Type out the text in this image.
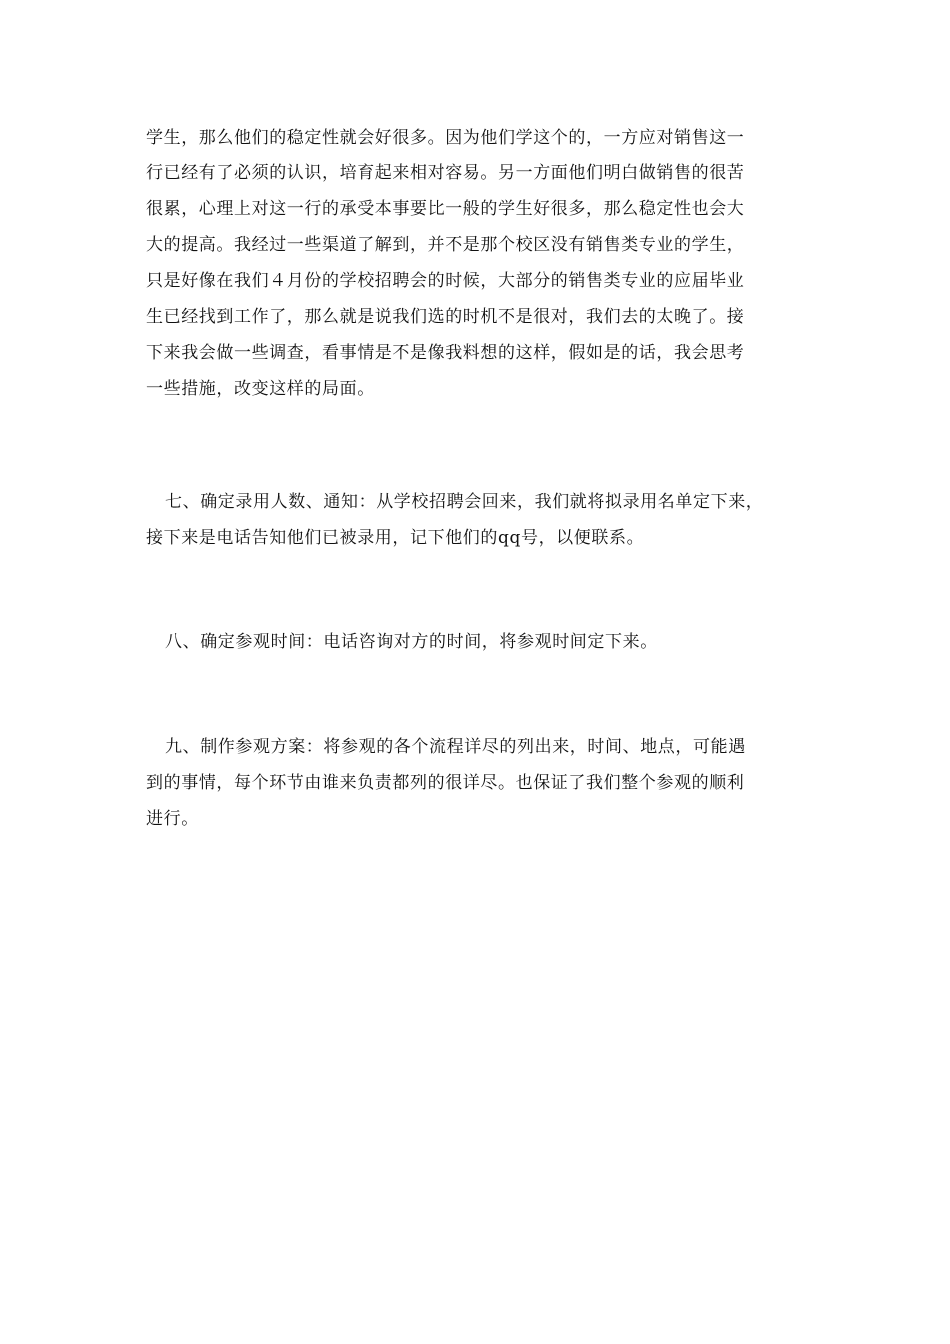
学生，那么他们的稳定性就会好很多。因为他们学这个的，一方应对销售这一
行已经有了必须的认识，培育起来相对容易。另一方面他们明白做销售的很苦
很累，心理上对这一行的承受本事要比一般的学生好很多，那么稳定性也会大
大的提高。我经过一些渠道了解到，并不是那个校区没有销售类专业的学生，
只是好像在我们４月份的学校招聘会的时候，大部分的销售类专业的应届毕业
生已经找到工作了，那么就是说我们选的时机不是很对，我们去的太晚了。接
下来我会做一些调查，看事情是不是像我料想的这样，假如是的话，我会思考
一些措施，改变这样的局面。
七、确定录用人数、通知：从学校招聘会回来，我们就将拟录用名单定下来，
接下来是电话告知他们已被录用，记下他们的qq号，以便联系。
八、确定参观时间：电话咨询对方的时间，将参观时间定下来。
九、制作参观方案：将参观的各个流程详尽的列出来，时间、地点，可能遇
到的事情，每个环节由谁来负责都列的很详尽。也保证了我们整个参观的顺利
进行。
